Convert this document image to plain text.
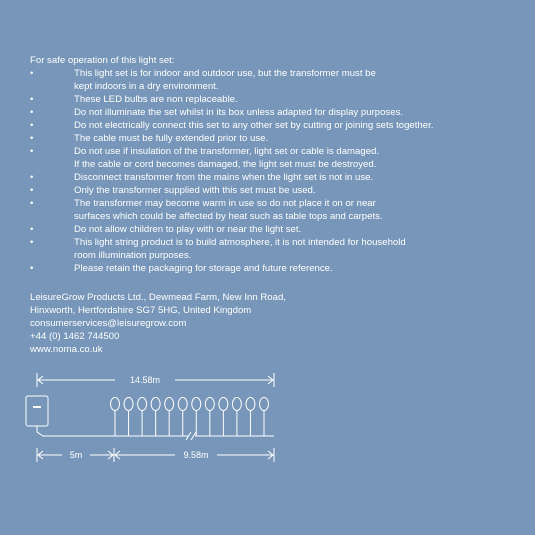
For safe operation of this light set:
•	This light set is for indoor and outdoor use, but the transformer must be
kept indoors in a dry environment.
•	These LED bulbs are non replaceable.
•	Do not illuminate the set whilst in its box unless adapted for display purposes.
•	Do not electrically connect this set to any other set by cutting or joining sets together.
•	The cable must be fully extended prior to use.
•	Do not use if insulation of the transformer, light set or cable is damaged.
If the cable or cord becomes damaged, the light set must be destroyed.
•	Disconnect transformer from the mains when the light set is not in use.
•	Only the transformer supplied with this set must be used.
•	The transformer may become warm in use so do not place it on or near
surfaces which could be affected by heat such as table tops and carpets.
•	Do not allow children to play with or near the light set.
•	This light string product is to build atmosphere, it is not intended for household
room illumination purposes.
•	Please retain the packaging for storage and future reference.
LeisureGrow Products Ltd., Dewmead Farm, New Inn Road,
Hinxworth, Hertfordshire SG7 5HG, United Kingdom
consumerservices@leisuregrow.com
+44 (0) 1462 744500
www.noma.co.uk
14.58m
5m	9.58m
